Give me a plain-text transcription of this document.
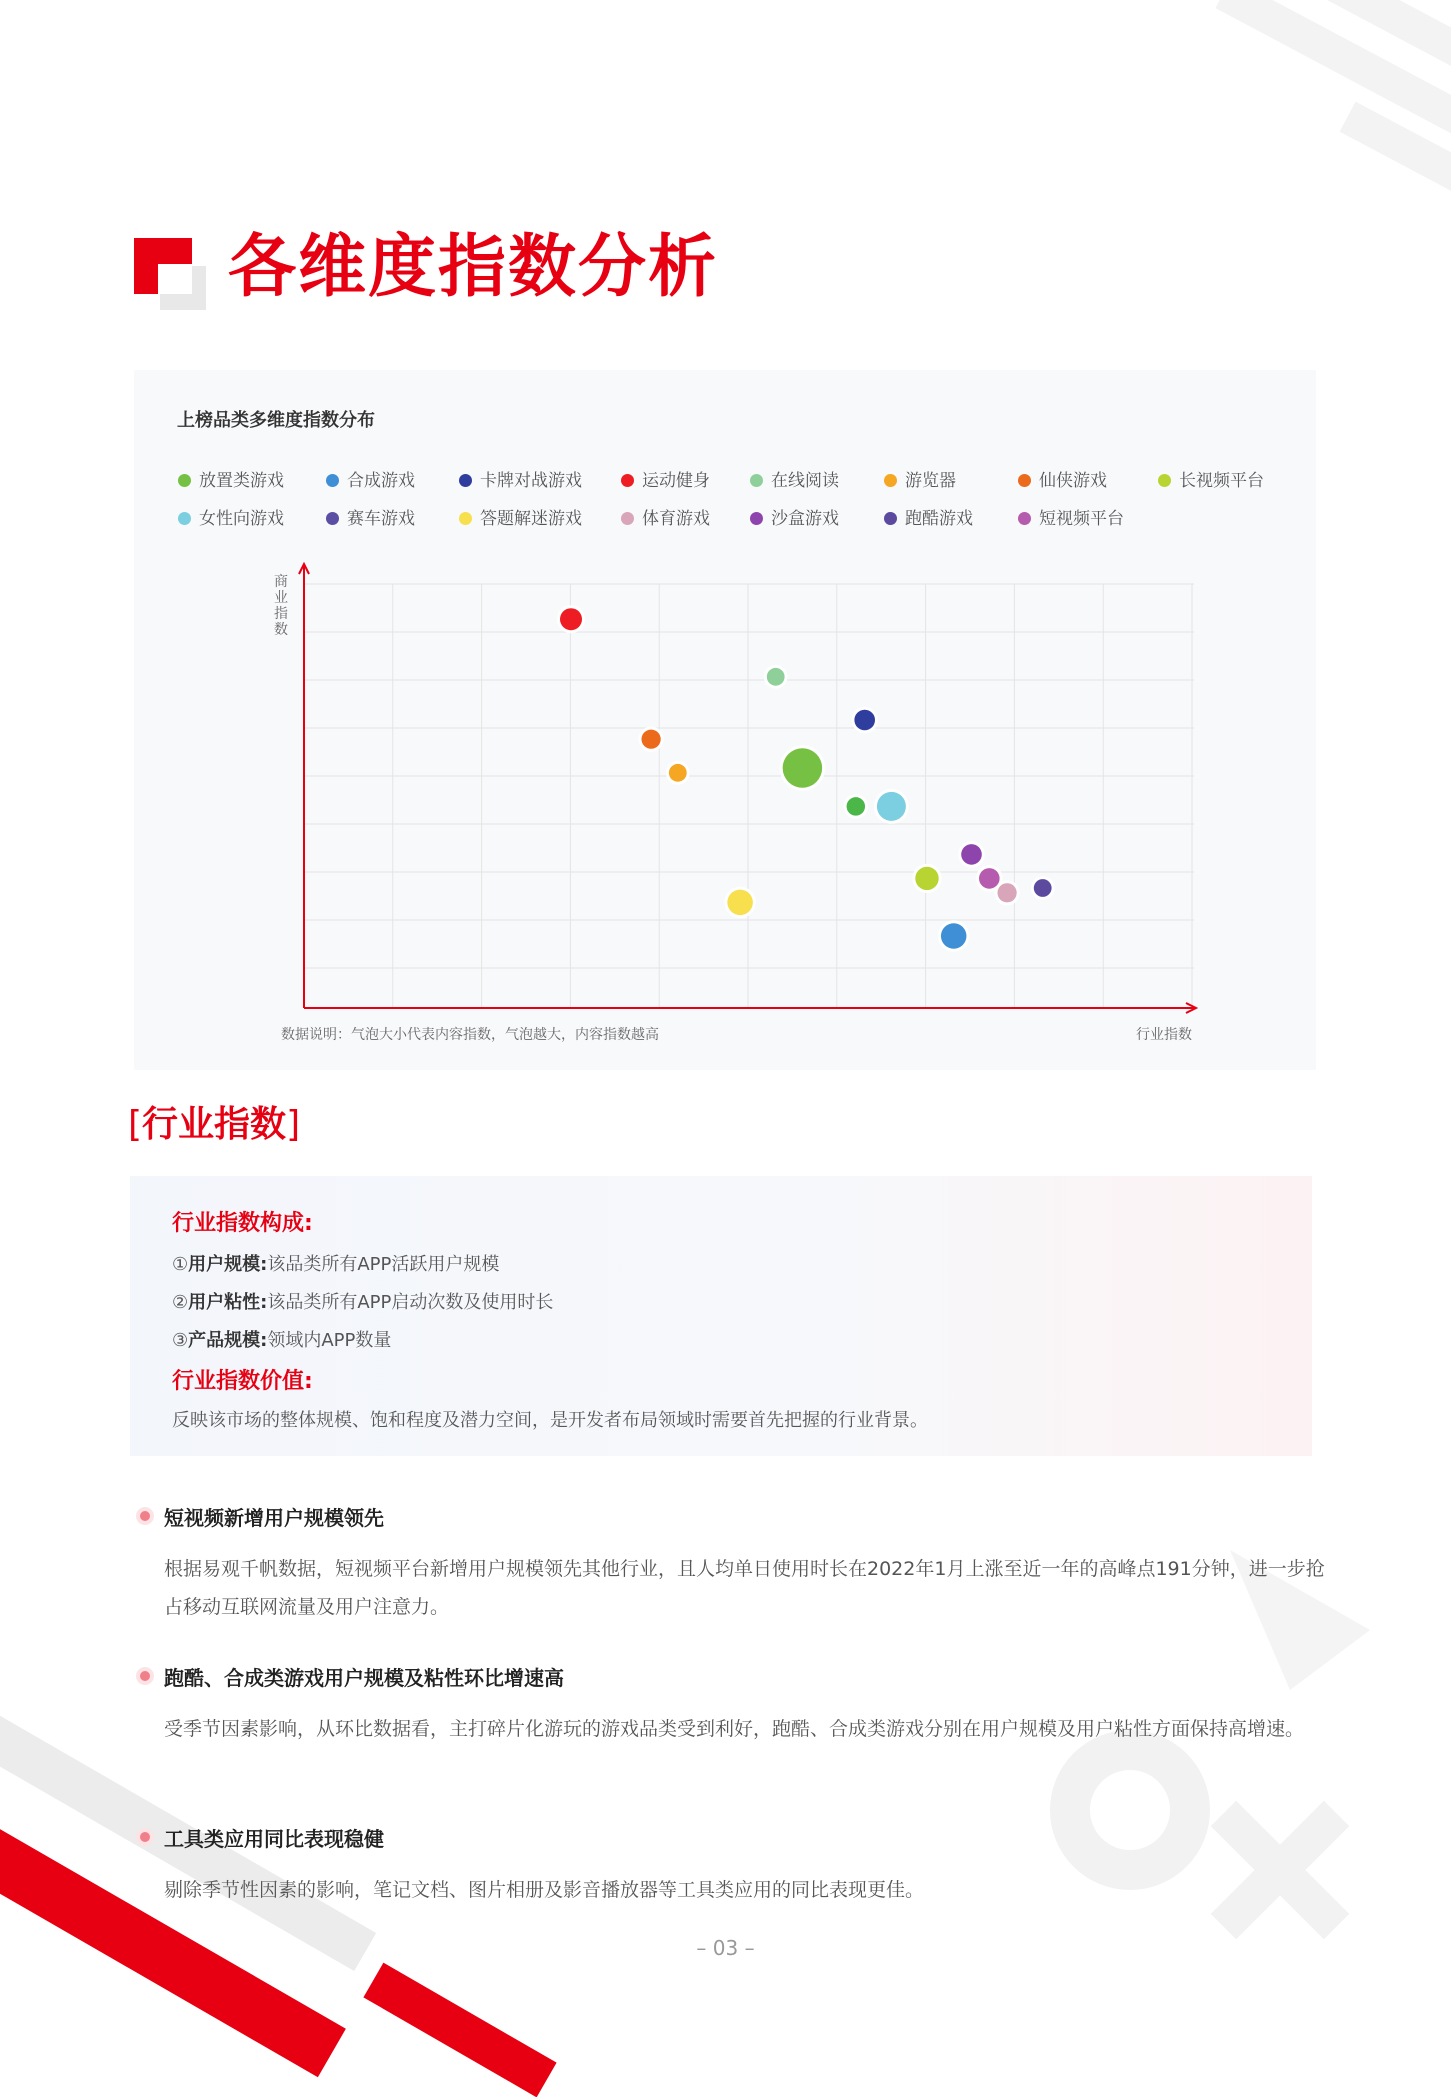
各维度指数分析
上榜品类多维度指数分布
放置类游戏	合成游戏	卡牌对战游戏	运动健身	在线阅读	游览器	仙侠游戏	长视频平台
女性向游戏	赛车游戏	答题解迷游戏	体育游戏	沙盒游戏	跑酷游戏	短视频平台
商业指数
数据说明：气泡大小代表内容指数，气泡越大，内容指数越高	行业指数
[行业指数]
行业指数构成:
①用户规模:该品类所有APP活跃用户规模
②用户粘性:该品类所有APP启动次数及使用时长
③产品规模:领域内APP数量
行业指数价值:
反映该市场的整体规模、饱和程度及潜力空间，是开发者布局领域时需要首先把握的行业背景。
短视频新增用户规模领先
根据易观千帆数据，短视频平台新增用户规模领先其他行业，且人均单日使用时长在2022年1月上涨至近一年的高峰点191分钟，进一步抢占移动互联网流量及用户注意力。
跑酷、合成类游戏用户规模及粘性环比增速高
受季节因素影响，从环比数据看，主打碎片化游玩的游戏品类受到利好，跑酷、合成类游戏分别在用户规模及用户粘性方面保持高增速。
工具类应用同比表现稳健
剔除季节性因素的影响，笔记文档、图片相册及影音播放器等工具类应用的同比表现更佳。
– 03 –
